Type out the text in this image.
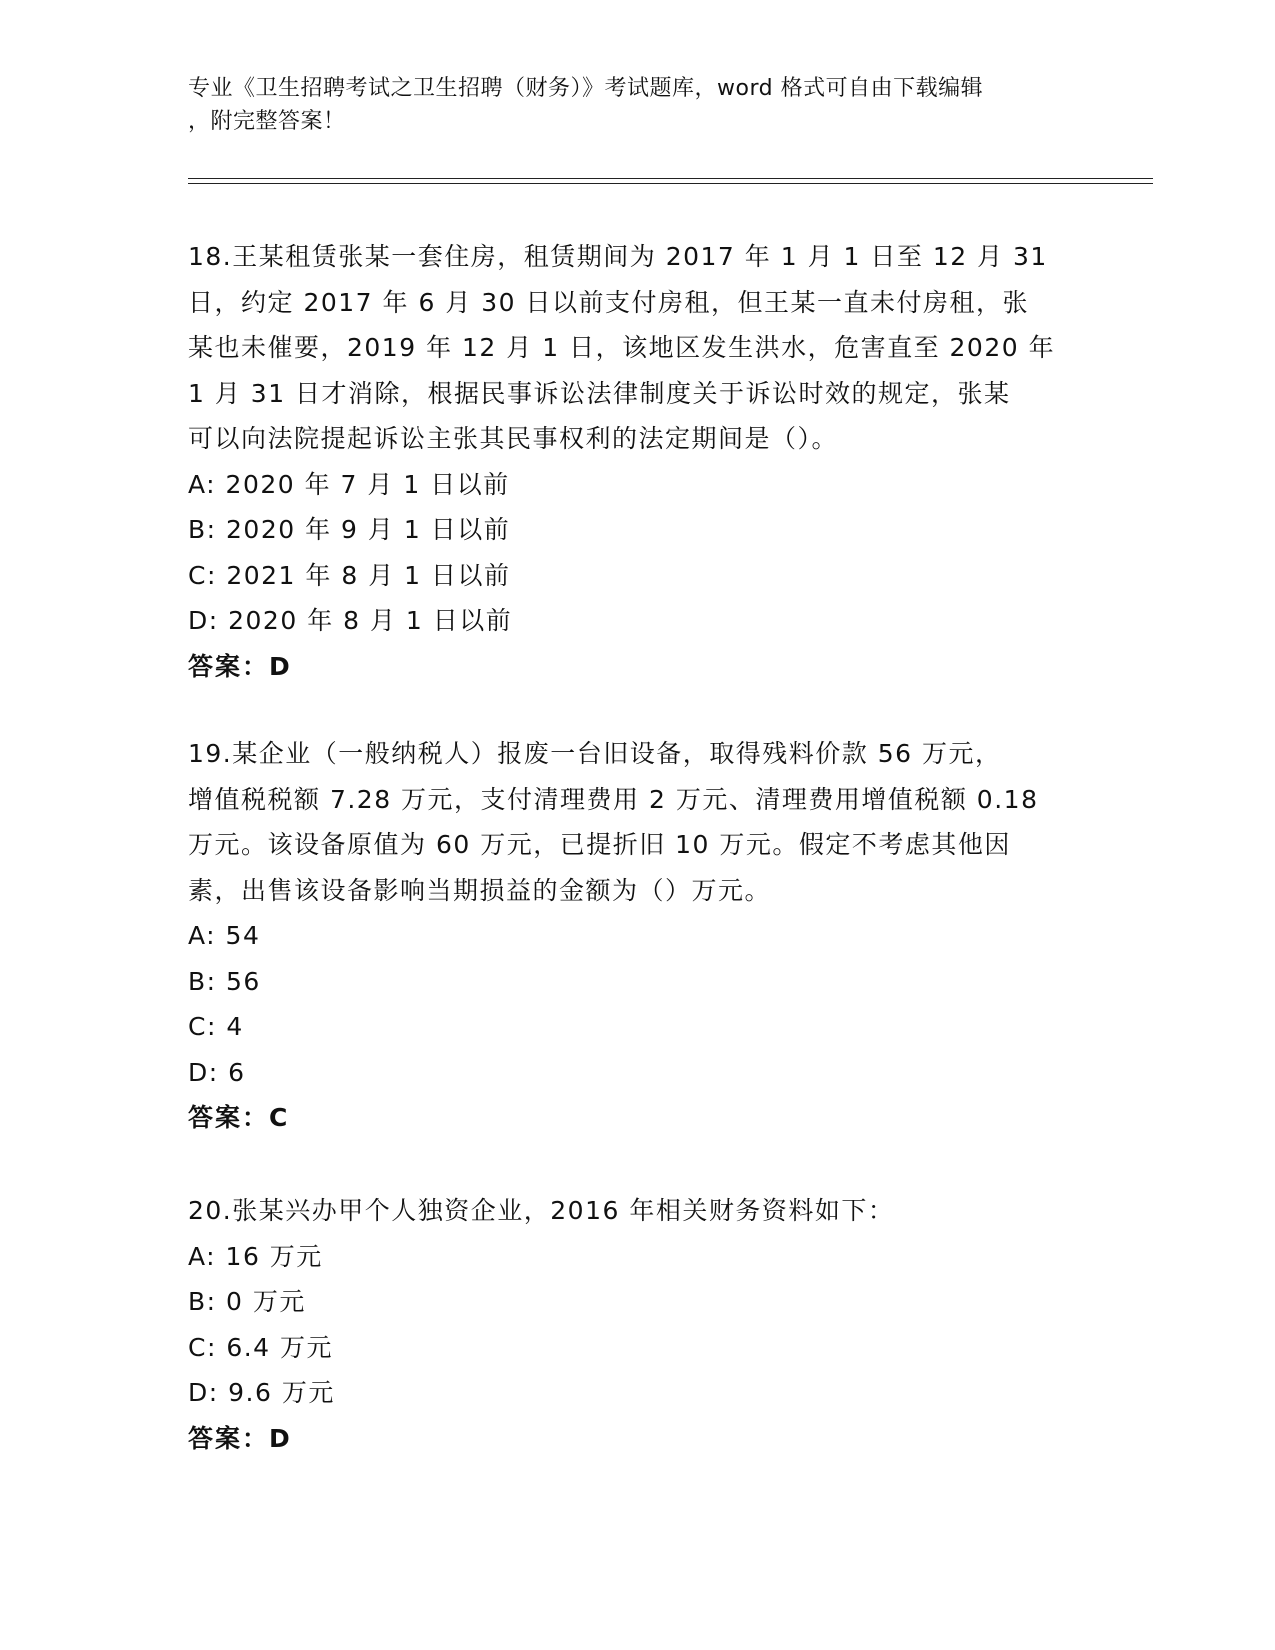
专业《卫生招聘考试之卫生招聘（财务）》考试题库，word 格式可自由下载编辑
，附完整答案！
18.王某租赁张某一套住房，租赁期间为 2017 年 1 月 1 日至 12 月 31
日，约定 2017 年 6 月 30 日以前支付房租，但王某一直未付房租，张
某也未催要，2019 年 12 月 1 日，该地区发生洪水，危害直至 2020 年
1 月 31 日才消除，根据民事诉讼法律制度关于诉讼时效的规定，张某
可以向法院提起诉讼主张其民事权利的法定期间是（）。
A: 2020 年 7 月 1 日以前
B: 2020 年 9 月 1 日以前
C: 2021 年 8 月 1 日以前
D: 2020 年 8 月 1 日以前
答案：D
19.某企业（一般纳税人）报废一台旧设备，取得残料价款 56 万元，
增值税税额 7.28 万元，支付清理费用 2 万元、清理费用增值税额 0.18
万元。该设备原值为 60 万元，已提折旧 10 万元。假定不考虑其他因
素，出售该设备影响当期损益的金额为（）万元。
A: 54
B: 56
C: 4
D: 6
答案：C
20.张某兴办甲个人独资企业，2016 年相关财务资料如下：
A: 16 万元
B: 0 万元
C: 6.4 万元
D: 9.6 万元
答案：D
